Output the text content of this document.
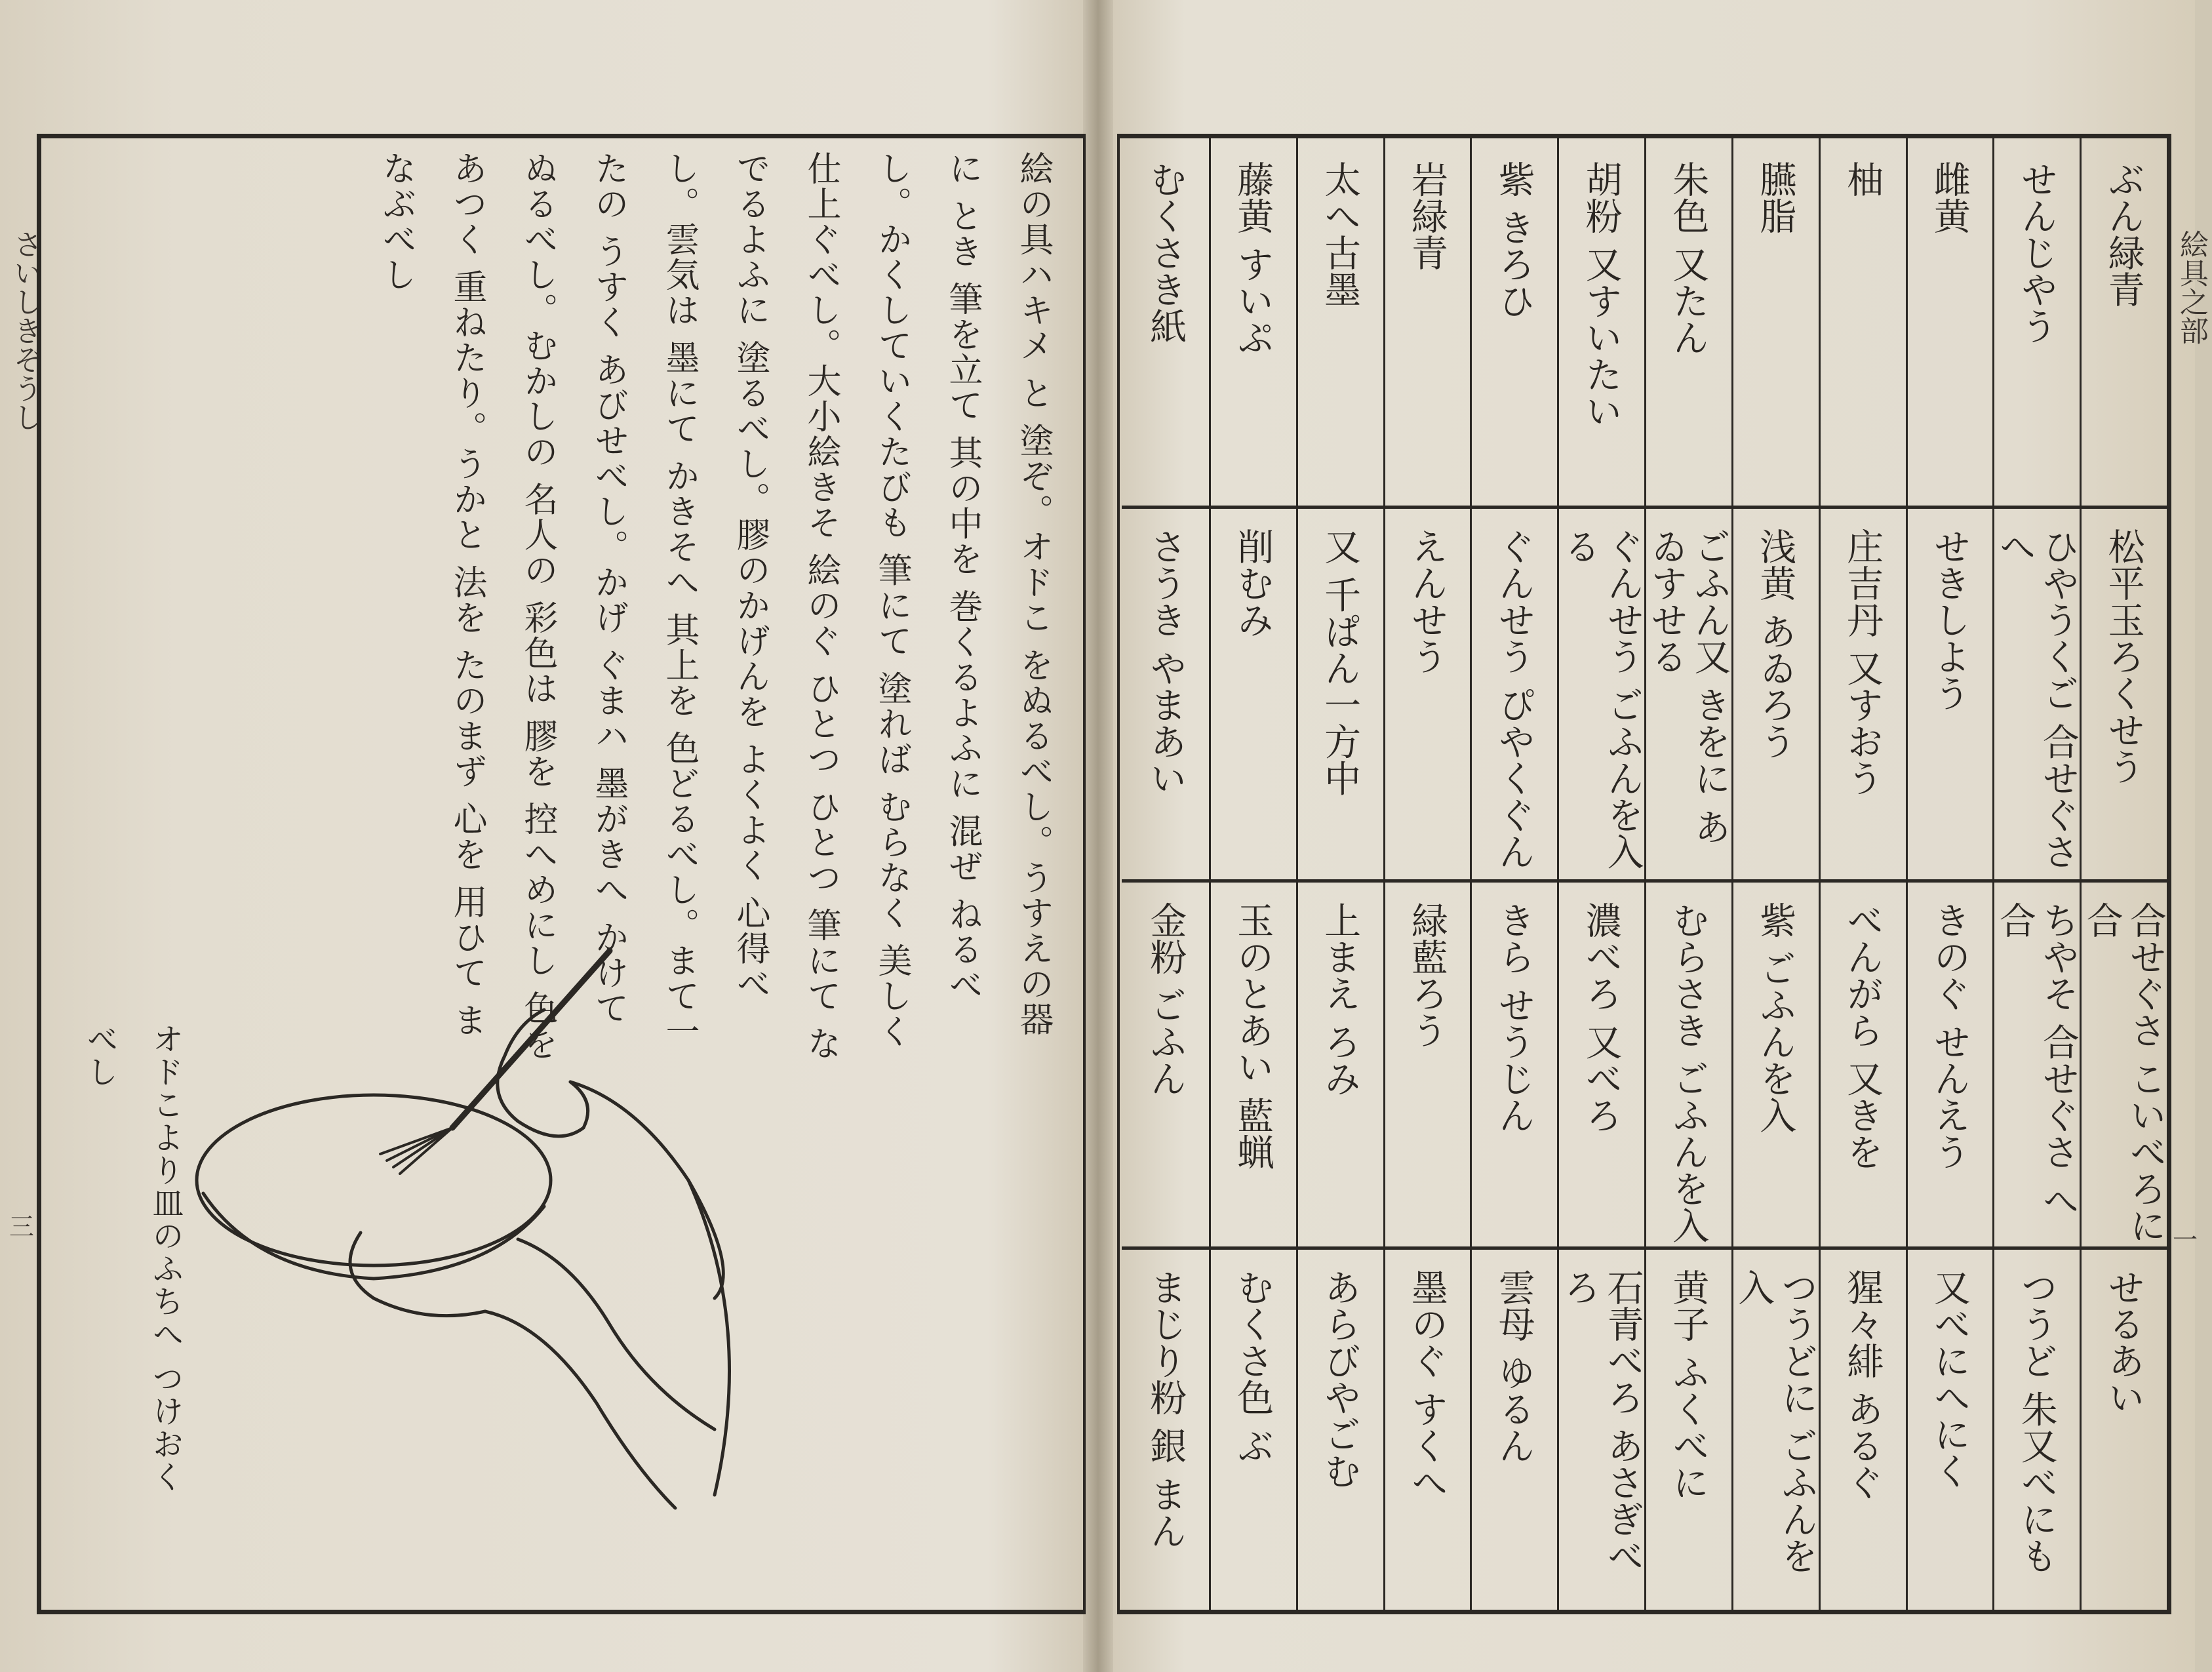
さいしきぞうし
三
絵の具ハキメ と 塗ぞ。オドこ をぬるべし。うすえの器に とき 筆を立て 其の中を 巻くるよふに 混ぜ ねるべし。かくしていくたびも 筆にて 塗れば むらなく 美しく仕上ぐべし。大小絵きそ 絵のぐ ひとつ ひとつ 筆にて なでるよふに 塗るべし。膠のかげんを よくよく 心得べし。雲気は 墨にて かきそへ 其上を 色どるべし。まて一たの うすく あびせべし。かげ ぐまハ 墨がきへ かけて ぬるべし。むかしの 名人の 彩色は 膠を 控へめにし 色を あつく 重ねたり。うかと 法を たのまず 心を 用ひて まなぶべし
オドこより皿のふちへ つけおくべし
絵具之部
一
ぶん緑青
松平玉ろくせう
合せぐさ こいべろに合
せるあい
せんじやう
ひやうくご 合せぐさ へ
ちやそ 合せぐさ へ合
つうど 朱又べにも
雌黄
せきしよう
きのぐ せんえう
又べにへにく
柚
庄吉丹 又すおう
べんがら 又きを
猩々緋 あるぐ
臙脂
浅黄 あゐろう
紫 ごふんを入
つうどに ごふんを入
朱色 又たん
ごふん又 きをに あゐすせる
むらさき ごふんを入
黄子 ふくべに
胡粉 又すいたい
ぐんせう ごふんを入る
濃べろ 又べろ
石青べろ あさぎべろ
紫 きろひ
ぐんせう ぴやくぐん
きら せうじん
雲母 ゆるん
岩緑青
えんせう
緑藍ろう
墨のぐ すくへ
太へ古墨
又 千ぱん一方中
上まえ ろみ
あらびやごむ
藤黄 すいぷ
削むみ
玉のとあい 藍蝋
むくさ色 ぶ
むくさき紙
さうき やまあい
金粉 ごふん
まじり粉 銀 まん
